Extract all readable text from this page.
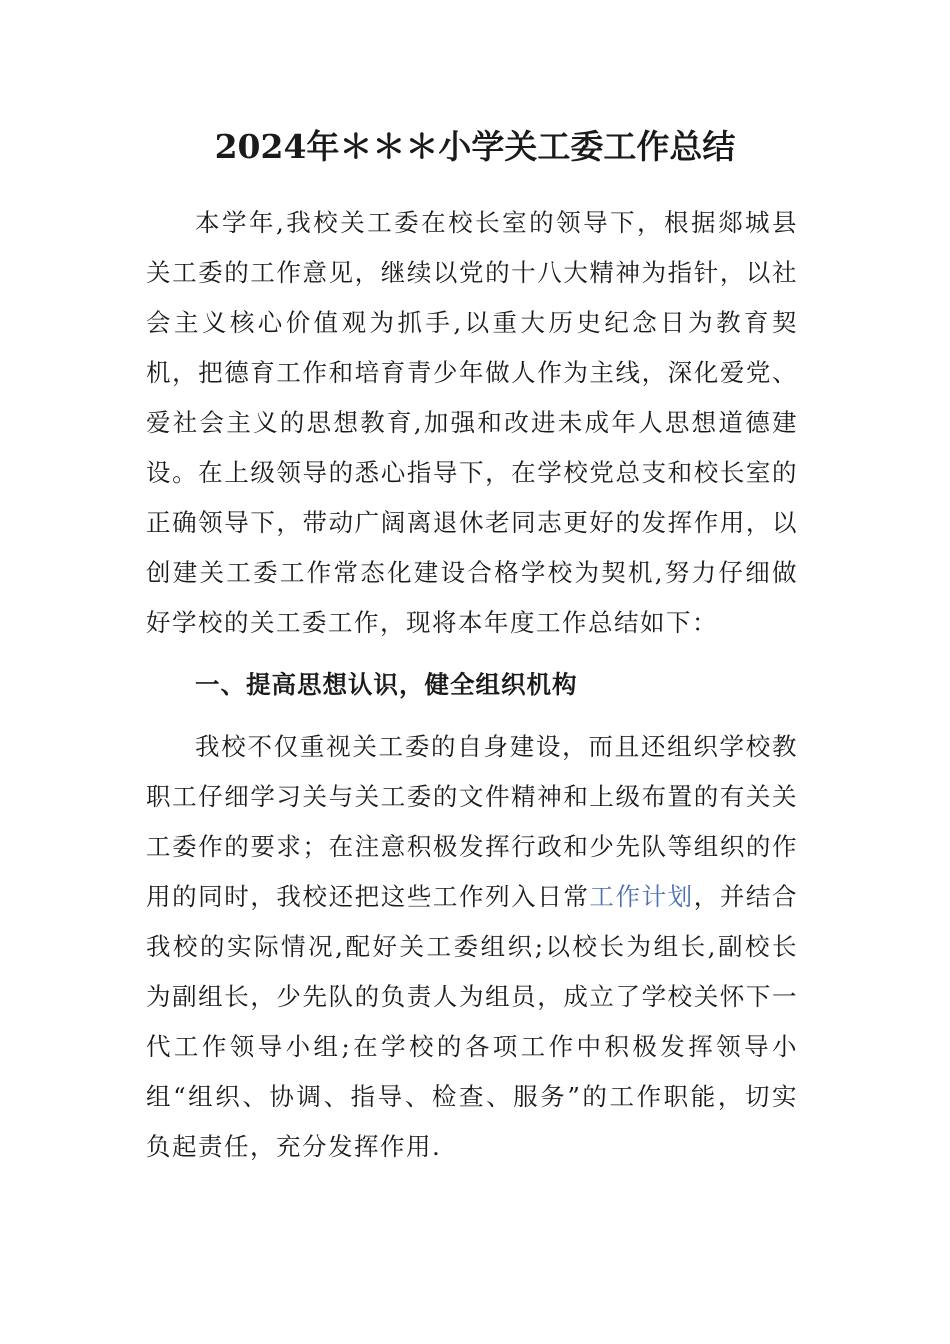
2024年＊＊＊小学关工委工作总结

本学年,我校关工委在校长室的领导下，根据郯城县关工委的工作意见，继续以党的十八大精神为指针，以社会主义核心价值观为抓手,以重大历史纪念日为教育契机，把德育工作和培育青少年做人作为主线，深化爱党、爱社会主义的思想教育,加强和改进未成年人思想道德建设。在上级领导的悉心指导下，在学校党总支和校长室的正确领导下，带动广阔离退休老同志更好的发挥作用，以创建关工委工作常态化建设合格学校为契机,努力仔细做好学校的关工委工作，现将本年度工作总结如下：

一、提高思想认识，健全组织机构

我校不仅重视关工委的自身建设，而且还组织学校教职工仔细学习关与关工委的文件精神和上级布置的有关关工委作的要求；在注意积极发挥行政和少先队等组织的作用的同时，我校还把这些工作列入日常工作计划，并结合我校的实际情况,配好关工委组织;以校长为组长,副校长为副组长，少先队的负责人为组员，成立了学校关怀下一代工作领导小组;在学校的各项工作中积极发挥领导小组“组织、协调、指导、检查、服务”的工作职能，切实负起责任，充分发挥作用.
